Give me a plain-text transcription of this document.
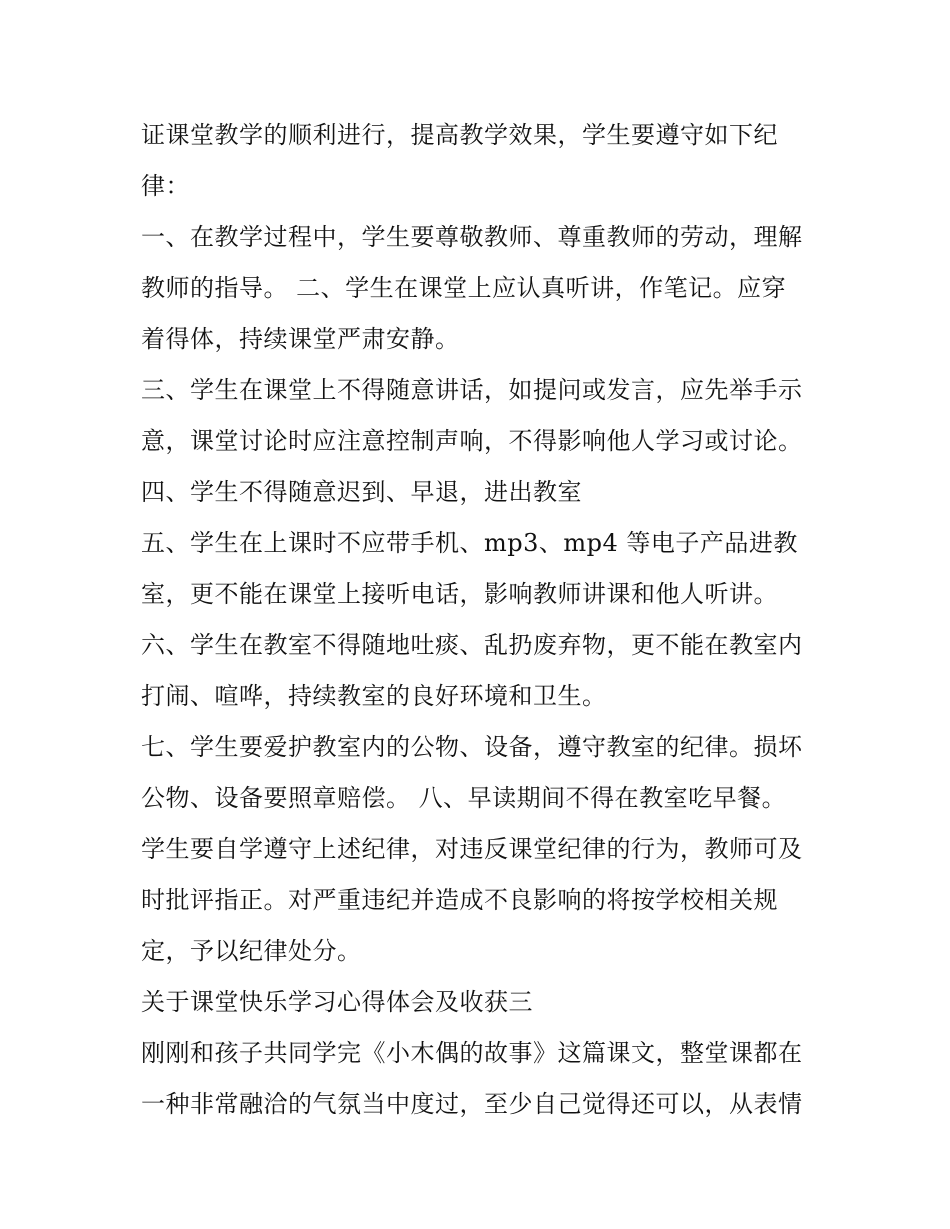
证课堂教学的顺利进行，提高教学效果，学生要遵守如下纪
律：
一、在教学过程中，学生要尊敬教师、尊重教师的劳动，理解
教师的指导。 二、学生在课堂上应认真听讲，作笔记。应穿
着得体，持续课堂严肃安静。
三、学生在课堂上不得随意讲话，如提问或发言，应先举手示
意，课堂讨论时应注意控制声响，不得影响他人学习或讨论。
四、学生不得随意迟到、早退，进出教室
五、学生在上课时不应带手机、mp3、mp4 等电子产品进教
室，更不能在课堂上接听电话，影响教师讲课和他人听讲。
六、学生在教室不得随地吐痰、乱扔废弃物，更不能在教室内
打闹、喧哗，持续教室的良好环境和卫生。
七、学生要爱护教室内的公物、设备，遵守教室的纪律。损坏
公物、设备要照章赔偿。 八、早读期间不得在教室吃早餐。
学生要自学遵守上述纪律，对违反课堂纪律的行为，教师可及
时批评指正。对严重违纪并造成不良影响的将按学校相关规
定，予以纪律处分。
关于课堂快乐学习心得体会及收获三
刚刚和孩子共同学完《小木偶的故事》这篇课文，整堂课都在
一种非常融洽的气氛当中度过，至少自己觉得还可以，从表情
